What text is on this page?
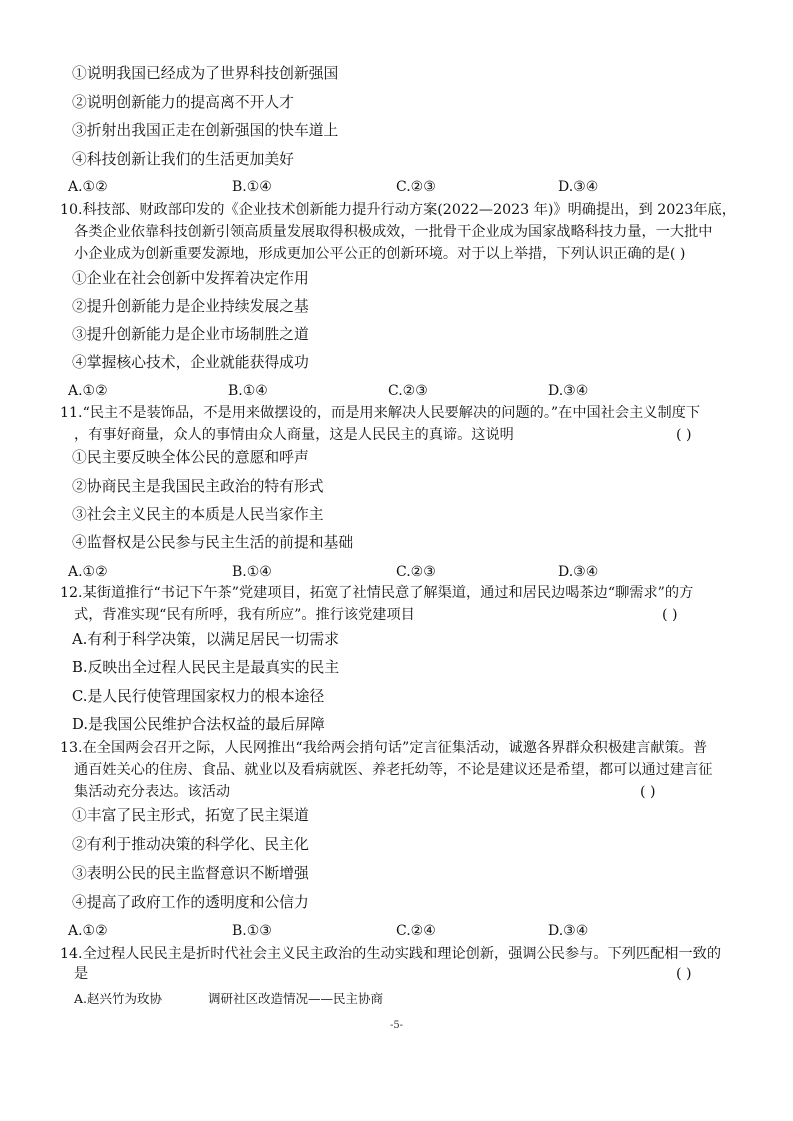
①说明我国已经成为了世界科技创新强国
②说明创新能力的提高离不开人才
③折射出我国正走在创新强国的快车道上
④科技创新让我们的生活更加美好
A.①②	B.①④	C.②③	D.③④
10.科技部、财政部印发的《企业技术创新能力提升行动方案(2022—2023 年)》明确提出，到 2023年底，
各类企业依靠科技创新引领高质量发展取得积极成效，一批骨干企业成为国家战略科技力量，一大批中
小企业成为创新重要发源地，形成更加公平公正的创新环境。对于以上举措，下列认识正确的是( )
①企业在社会创新中发挥着决定作用
②提升创新能力是企业持续发展之基
③提升创新能力是企业市场制胜之道
④掌握核心技术，企业就能获得成功
A.①②	B.①④	C.②③	D.③④
11.“民主不是装饰品，不是用来做摆设的，而是用来解决人民要解决的问题的。”在中国社会主义制度下
，有事好商量，众人的事情由众人商量，这是人民民主的真谛。这说明	( )
①民主要反映全体公民的意愿和呼声
②协商民主是我国民主政治的特有形式
③社会主义民主的本质是人民当家作主
④监督权是公民参与民主生活的前提和基础
A.①②	B.①④	C.②③	D.③④
12.某街道推行“书记下午茶”党建项目，拓宽了社情民意了解渠道，通过和居民边喝茶边“聊需求”的方
式，背准实现“民有所呼，我有所应”。推行该党建项目	( )
A.有利于科学决策，以满足居民一切需求
B.反映出全过程人民民主是最真实的民主
C.是人民行使管理国家权力的根本途径
D.是我国公民维护合法权益的最后屏障
13.在全国两会召开之际，人民网推出“我给两会捎句话”定言征集活动，诚邀各界群众积极建言献策。普
通百姓关心的住房、食品、就业以及看病就医、养老托幼等，不论是建议还是希望，都可以通过建言征
集活动充分表达。该活动	( )
①丰富了民主形式，拓宽了民主渠道
②有利于推动决策的科学化、民主化
③表明公民的民主监督意识不断增强
④提高了政府工作的透明度和公信力
A.①②	B.①③	C.②④	D.③④
14.全过程人民民主是折时代社会主义民主政治的生动实践和理论创新，强调公民参与。下列匹配相一致的
是	( )
A.赵兴竹为玫协	调研社区改造情况——民主协商
-5-
